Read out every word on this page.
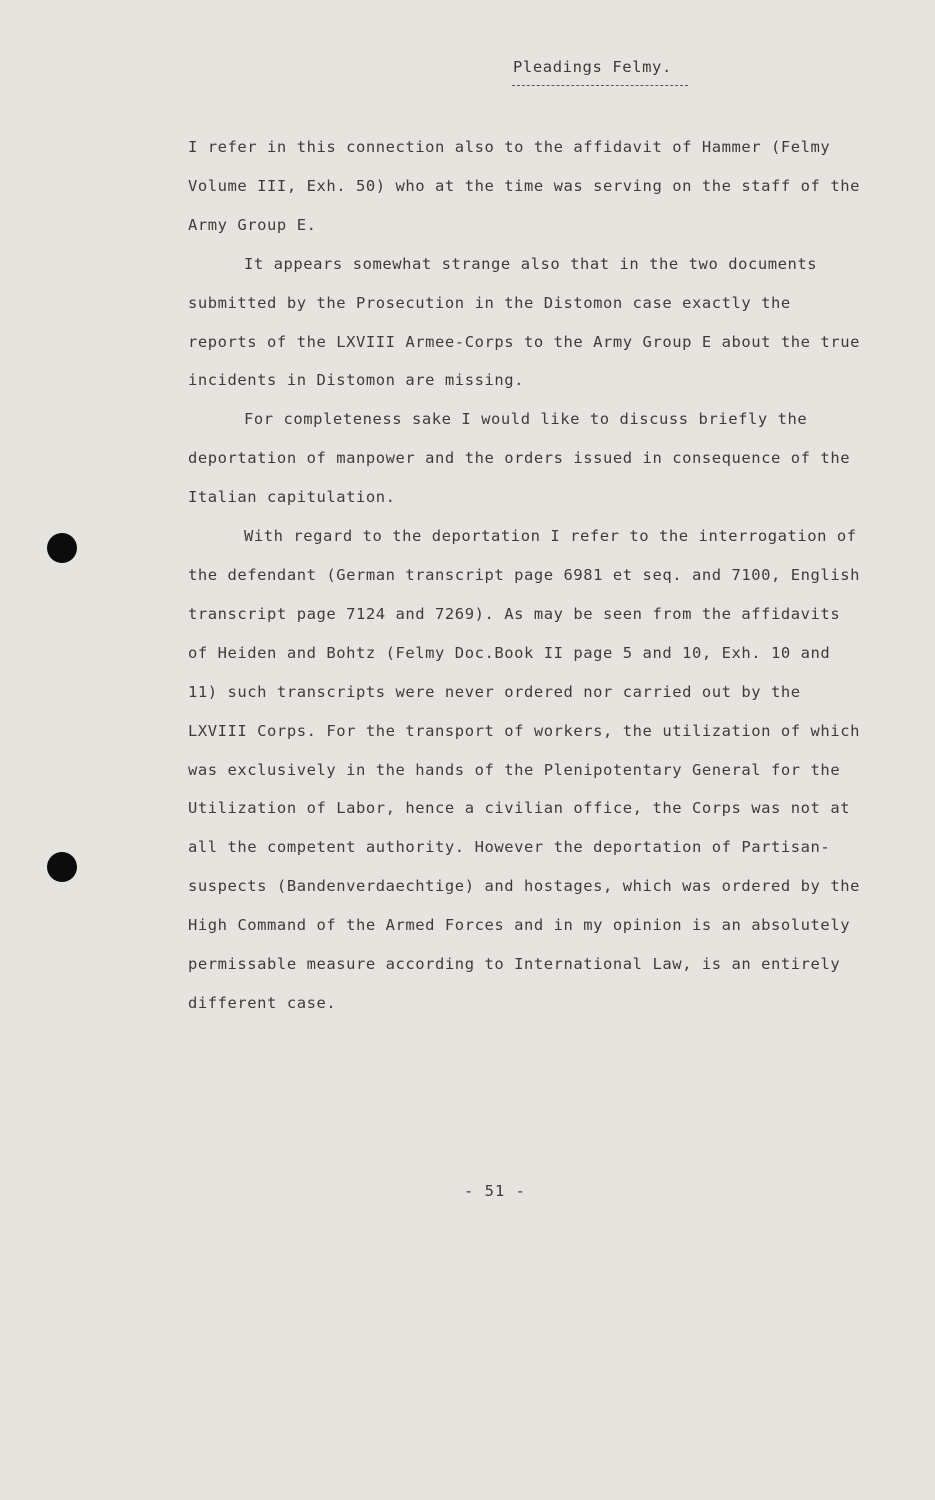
Pleadings Felmy.

I refer in this connection also to the affidavit of Hammer (Felmy Volume III, Exh. 50) who at the time was serving on the staff of the Army Group E.

It appears somewhat strange also that in the two documents submitted by the Prosecution in the Distomon case exactly the reports of the LXVIII Armee-Corps to the Army Group E about the true incidents in Distomon are missing.

For completeness sake I would like to discuss briefly the deportation of manpower and the orders issued in consequence of the Italian capitulation.

With regard to the deportation I refer to the interrogation of the defendant (German transcript page 6981 et seq. and 7100, English transcript page 7124 and 7269). As may be seen from the affidavits of Heiden and Bohtz (Felmy Doc.Book II page 5 and 10, Exh. 10 and 11) such transcripts were never ordered nor carried out by the LXVIII Corps. For the transport of workers, the utilization of which was exclusively in the hands of the Plenipotentary General for the Utilization of Labor, hence a civilian office, the Corps was not at all the competent authority. However the deportation of Partisan-suspects (Bandenverdaechtige) and hostages, which was ordered by the High Command of the Armed Forces and in my opinion is an absolutely permissable measure according to International Law, is an entirely different case.

- 51 -
